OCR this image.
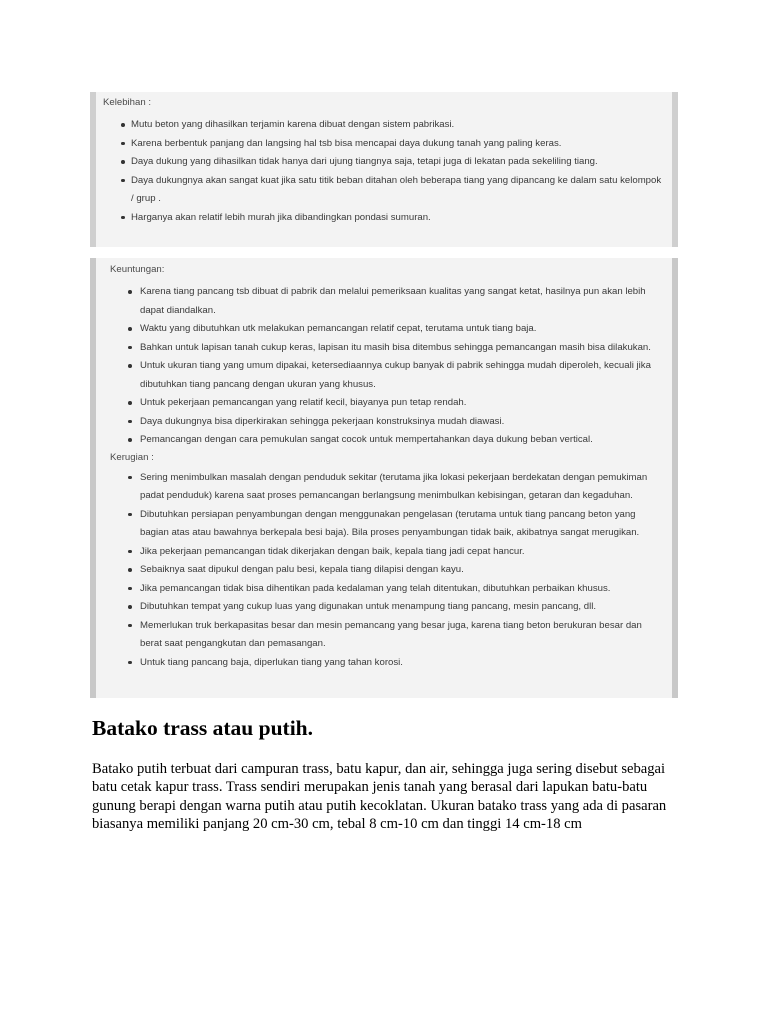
Kelebihan :
Mutu beton yang dihasilkan terjamin karena dibuat dengan sistem pabrikasi.
Karena berbentuk panjang dan langsing hal tsb bisa mencapai daya dukung tanah yang paling keras.
Daya dukung yang dihasilkan tidak hanya dari ujung tiangnya saja, tetapi juga di lekatan pada sekeliling tiang.
Daya dukungnya akan sangat kuat jika satu titik beban ditahan oleh beberapa tiang yang dipancang ke dalam satu kelompok / grup .
Harganya akan relatif lebih murah jika dibandingkan pondasi sumuran.
Keuntungan:
Karena tiang pancang tsb dibuat di pabrik dan melalui pemeriksaan kualitas yang sangat ketat, hasilnya pun akan lebih dapat diandalkan.
Waktu yang dibutuhkan utk melakukan pemancangan relatif cepat, terutama untuk tiang baja.
Bahkan untuk lapisan tanah cukup keras, lapisan itu masih bisa ditembus sehingga pemancangan masih bisa dilakukan.
Untuk ukuran tiang yang umum dipakai, ketersediaannya cukup banyak di pabrik sehingga mudah diperoleh, kecuali jika dibutuhkan tiang pancang dengan ukuran yang khusus.
Untuk pekerjaan pemancangan yang relatif kecil, biayanya pun tetap rendah.
Daya dukungnya bisa diperkirakan sehingga pekerjaan konstruksinya mudah diawasi.
Pemancangan dengan cara pemukulan sangat cocok untuk mempertahankan daya dukung beban vertical.
Kerugian :
Sering menimbulkan masalah dengan penduduk sekitar (terutama jika lokasi pekerjaan berdekatan dengan pemukiman padat penduduk) karena saat proses pemancangan berlangsung menimbulkan kebisingan, getaran dan kegaduhan.
Dibutuhkan persiapan penyambungan dengan menggunakan pengelasan (terutama untuk tiang pancang beton yang bagian atas atau bawahnya berkepala besi baja). Bila proses penyambungan tidak baik, akibatnya sangat merugikan.
Jika pekerjaan pemancangan tidak dikerjakan dengan baik, kepala tiang jadi cepat hancur.
Sebaiknya saat dipukul dengan palu besi, kepala tiang dilapisi dengan kayu.
Jika pemancangan tidak bisa dihentikan pada kedalaman yang telah ditentukan, dibutuhkan perbaikan khusus.
Dibutuhkan tempat yang cukup luas yang digunakan untuk menampung tiang pancang, mesin pancang, dll.
Memerlukan truk berkapasitas besar dan mesin pemancang yang besar juga, karena tiang beton berukuran besar dan berat saat pengangkutan dan pemasangan.
Untuk tiang pancang baja, diperlukan tiang yang tahan korosi.
Batako trass atau putih.

Batako putih terbuat dari campuran trass, batu kapur, dan air, sehingga juga sering disebut sebagai batu cetak kapur trass. Trass sendiri merupakan jenis tanah yang berasal dari lapukan batu-batu gunung berapi dengan warna putih atau putih kecoklatan. Ukuran batako trass yang ada di pasaran biasanya memiliki panjang 20 cm-30 cm, tebal 8 cm-10 cm dan tinggi 14 cm-18 cm
